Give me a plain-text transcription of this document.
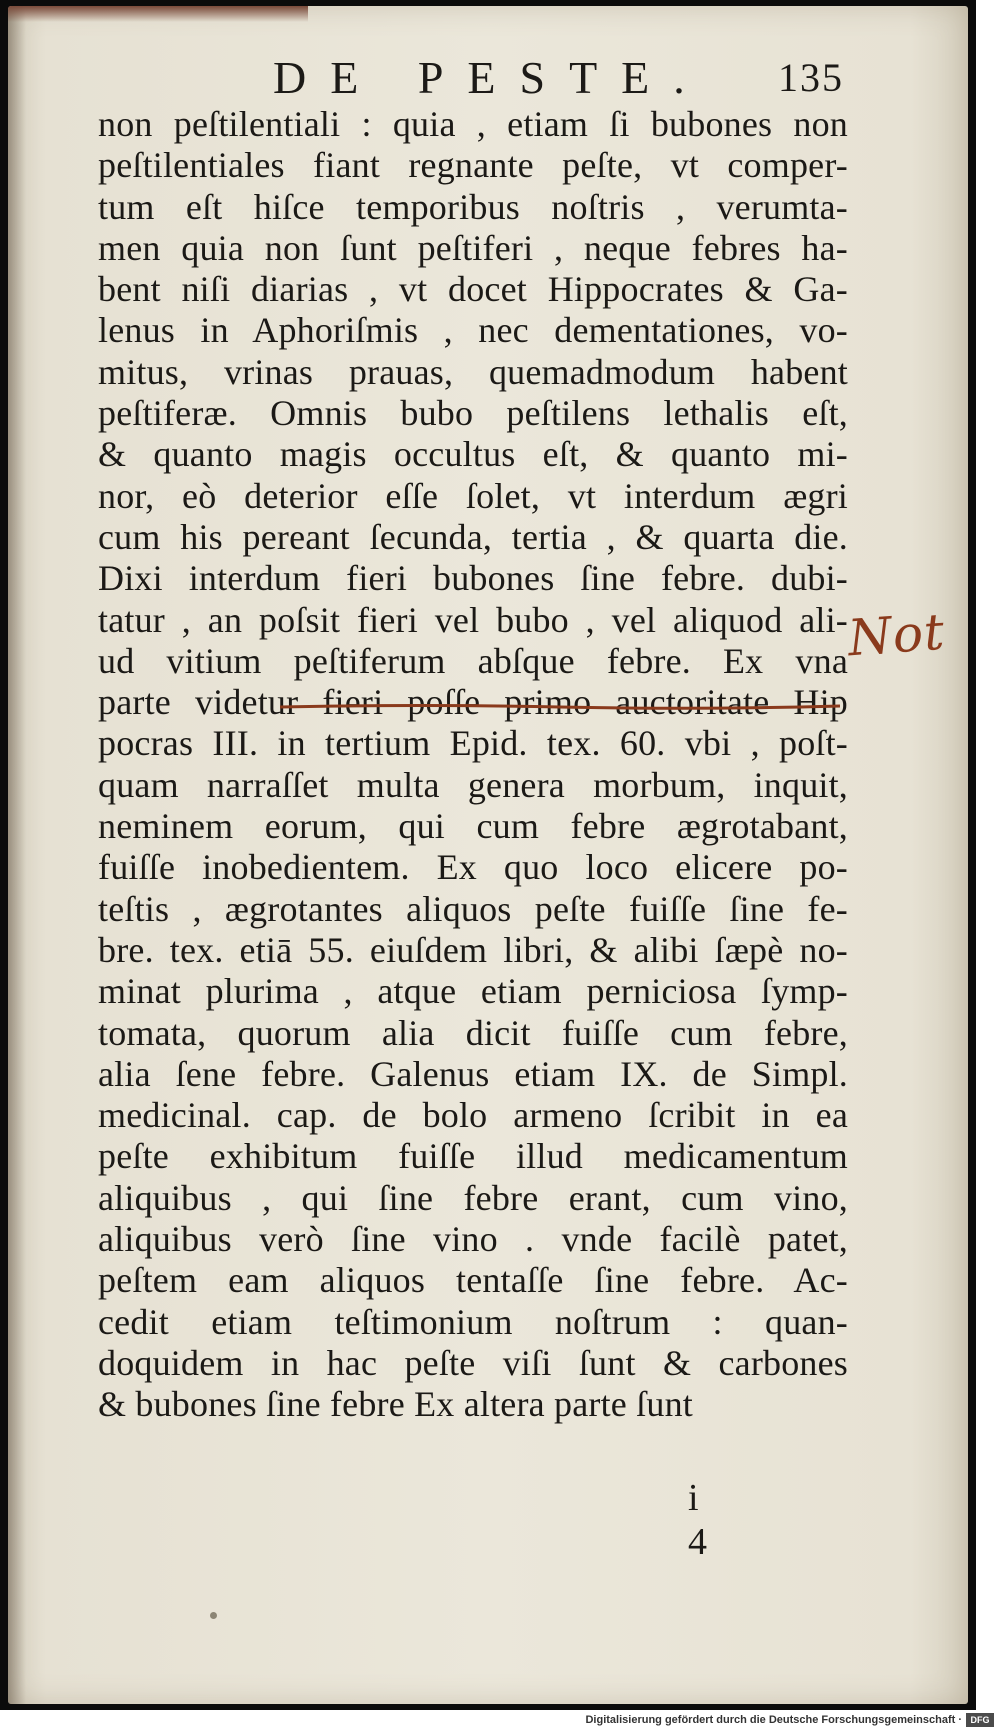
DE PESTE. 135
non peſtilentiali : quia , etiam ſi bubones non
peſtilentiales fiant regnante peſte, vt comper-
tum eſt hiſce temporibus noſtris , verumta-
men quia non ſunt peſtiferi , neque febres ha-
bent niſi diarias , vt docet Hippocrates & Ga-
lenus in Aphoriſmis , nec dementationes, vo-
mitus, vrinas prauas, quemadmodum habent
peſtiferæ. Omnis bubo peſtilens lethalis eſt,
& quanto magis occultus eſt, & quanto mi-
nor, eò deterior eſſe ſolet, vt interdum ægri
cum his pereant ſecunda, tertia , & quarta die.
Dixi interdum fieri bubones ſine febre. dubi-
tatur , an poſsit fieri vel bubo , vel aliquod ali-
ud vitium peſtiferum abſque febre. Ex vna
parte videtur fieri poſſe primo auctoritate Hip
pocras III. in tertium Epid. tex. 60. vbi , poſt-
quam narraſſet multa genera morbum, inquit,
neminem eorum, qui cum febre ægrotabant,
fuiſſe inobedientem. Ex quo loco elicere po-
teſtis , ægrotantes aliquos peſte fuiſſe ſine fe-
bre. tex. etiā 55. eiuſdem libri, & alibi ſæpè no-
minat plurima , atque etiam perniciosa ſymp-
tomata, quorum alia dicit fuiſſe cum febre,
alia ſene febre. Galenus etiam IX. de Simpl.
medicinal. cap. de bolo armeno ſcribit in ea
peſte exhibitum fuiſſe illud medicamentum
aliquibus , qui ſine febre erant, cum vino,
aliquibus verò ſine vino . vnde facilè patet,
peſtem eam aliquos tentaſſe ſine febre. Ac-
cedit etiam teſtimonium noſtrum : quan-
doquidem in hac peſte viſi ſunt & carbones
& bubones ſine febre Ex altera parte ſunt
Not
i 4
Digitalisierung gefördert durch die Deutsche Forschungsgemeinschaft · DFG
